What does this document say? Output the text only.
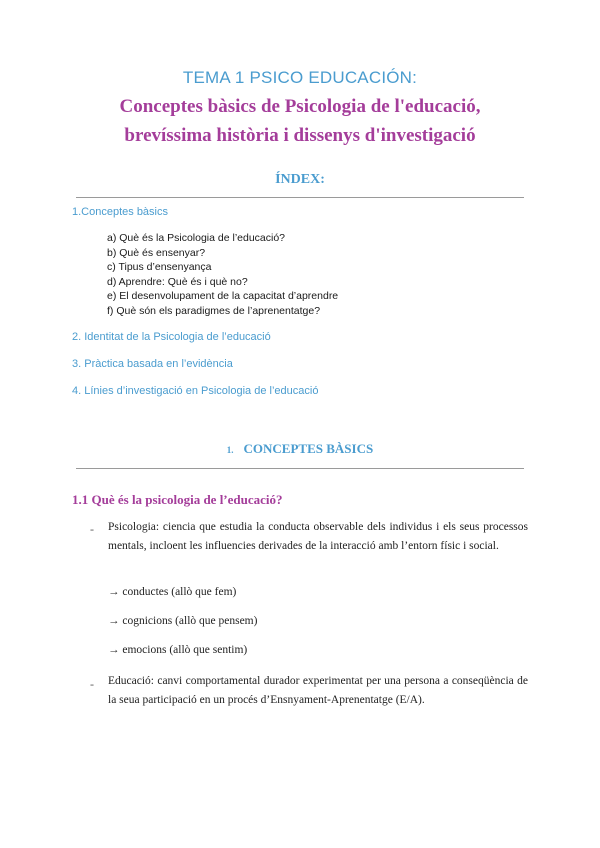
TEMA 1 PSICO EDUCACIÓN:
Conceptes bàsics de Psicologia de l'educació,
brevíssima història i dissenys d'investigació
ÍNDEX:
1.Conceptes bàsics
a) Què és la Psicologia de l’educació?
b) Què és ensenyar?
c) Tipus d’ensenyança
d) Aprendre: Què és i què no?
e) El desenvolupament de la capacitat d’aprendre
f) Què són els paradigmes de l’aprenentatge?
2. Identitat de la Psicologia de l’educació
3. Pràctica basada en l’evidència
4. Línies d’investigació en Psicologia de l’educació
1. CONCEPTES BÀSICS
1.1 Què és la psicologia de l’educació?
- Psicologia: ciencia que estudia la conducta observable dels individus i els seus processos mentals, incloent les influencies derivades de la interacció amb l’entorn físic i social.
→ conductes (allò que fem)
→ cognicions (allò que pensem)
→ emocions (allò que sentim)
- Educació: canvi comportamental durador experimentat per una persona a conseqüència de la seua participació en un procés d’Ensnyament-Aprenentatge (E/A).
